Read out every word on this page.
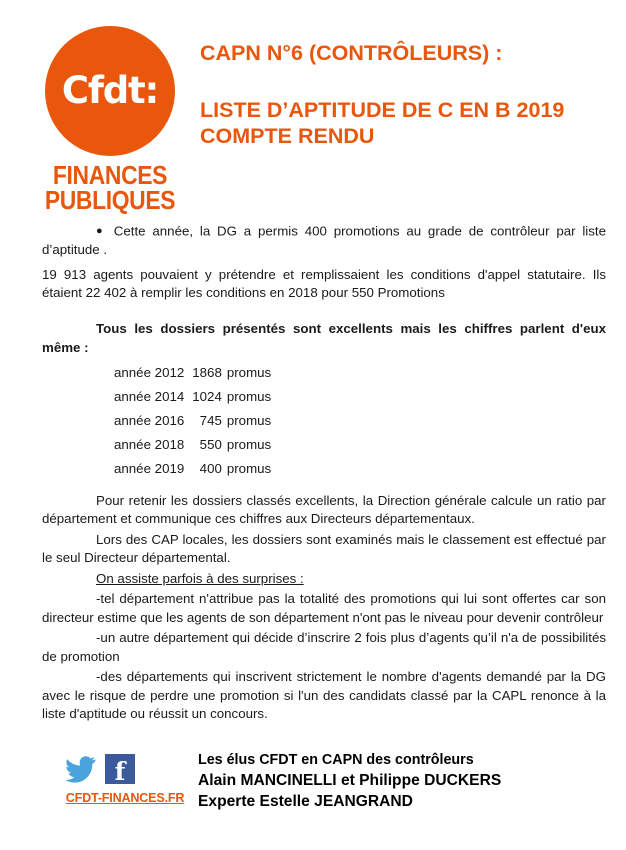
Cfdt:
FINANCES
PUBLIQUES
CAPN N°6 (CONTRÔLEURS) :
LISTE D’APTITUDE DE C EN B 2019
COMPTE RENDU

● Cette année, la DG a permis 400 promotions au grade de contrôleur par liste d’aptitude .

19 913 agents pouvaient y prétendre et remplissaient les conditions d'appel statutaire. Ils étaient 22 402 à remplir les conditions en 2018 pour 550 Promotions

Tous les dossiers présentés sont excellents mais les chiffres parlent d'eux même :

année 2012	1868	promus
année 2014	1024	promus
année 2016	745	promus
année 2018	550	promus
année 2019	400	promus

Pour retenir les dossiers classés excellents, la Direction générale calcule un ratio par département et communique ces chiffres aux Directeurs départementaux.

Lors des CAP locales, les dossiers sont examinés mais le classement est effectué par le seul Directeur départemental.

On assiste parfois à des surprises :

-tel département n'attribue pas la totalité des promotions qui lui sont offertes car son directeur estime que les agents de son département n'ont pas le niveau pour devenir contrôleur

-un autre département qui décide d’inscrire 2 fois plus d’agents qu’il n'a de possibilités de promotion

-des départements qui inscrivent strictement le nombre d'agents demandé par la DG avec le risque de perdre une promotion si l'un des candidats classé par la CAPL renonce à la liste d'aptitude ou réussit un concours.

f
CFDT-FINANCES.FR
Les élus CFDT en CAPN des contrôleurs
Alain MANCINELLI et Philippe DUCKERS
Experte Estelle JEANGRAND
